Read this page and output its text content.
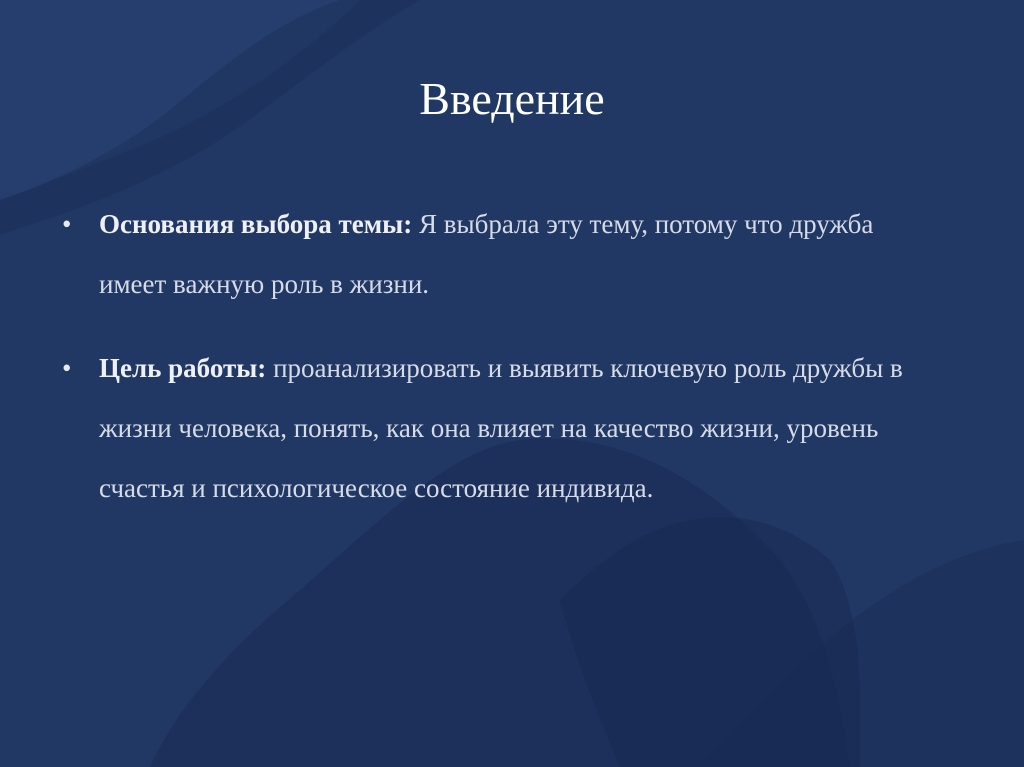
Введение
• Основания выбора темы: Я выбрала эту тему, потому что дружба имеет важную роль в жизни.
• Цель работы: проанализировать и выявить ключевую роль дружбы в жизни человека, понять, как она влияет на качество жизни, уровень счастья и психологическое состояние индивида.
